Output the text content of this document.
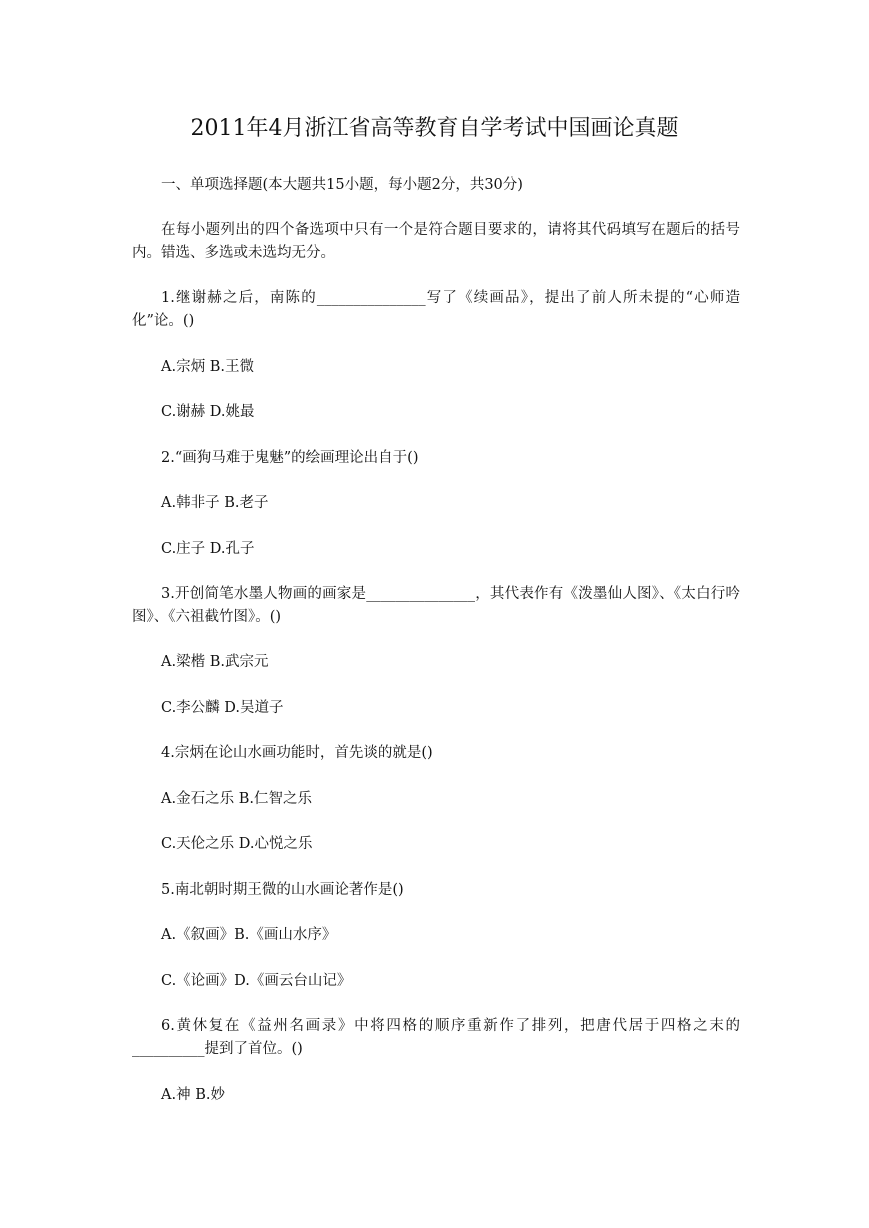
2011年4月浙江省高等教育自学考试中国画论真题

一、单项选择题(本大题共15小题，每小题2分，共30分)

在每小题列出的四个备选项中只有一个是符合题目要求的，请将其代码填写在题后的括号内。错选、多选或未选均无分。

1.继谢赫之后，南陈的_______________写了《续画品》，提出了前人所未提的“心师造化”论。()

A.宗炳 B.王微
C.谢赫 D.姚最

2.“画狗马难于鬼魅”的绘画理论出自于()

A.韩非子 B.老子
C.庄子 D.孔子

3.开创简笔水墨人物画的画家是_______________，其代表作有《泼墨仙人图》、《太白行吟图》、《六祖截竹图》。()

A.梁楷 B.武宗元
C.李公麟 D.吴道子

4.宗炳在论山水画功能时，首先谈的就是()

A.金石之乐 B.仁智之乐
C.天伦之乐 D.心悦之乐

5.南北朝时期王微的山水画论著作是()

A.《叙画》B.《画山水序》
C.《论画》D.《画云台山记》

6.黄休复在《益州名画录》中将四格的顺序重新作了排列，把唐代居于四格之末的__________提到了首位。()

A.神 B.妙
